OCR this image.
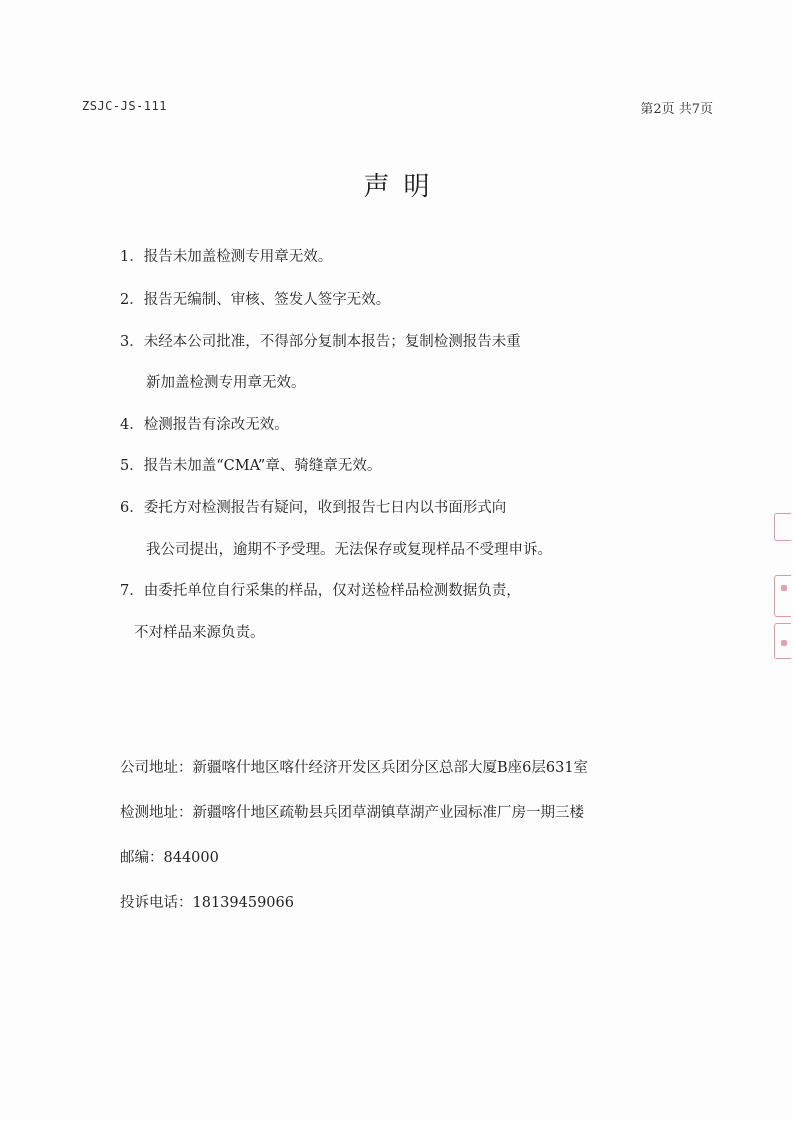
ZSJC-JS-111	第2页 共7页
声明
1．报告未加盖检测专用章无效。
2．报告无编制、审核、签发人签字无效。
3．未经本公司批准，不得部分复制本报告；复制检测报告未重
新加盖检测专用章无效。
4．检测报告有涂改无效。
5．报告未加盖“CMA”章、骑缝章无效。
6．委托方对检测报告有疑问，收到报告七日内以书面形式向
我公司提出，逾期不予受理。无法保存或复现样品不受理申诉。
7．由委托单位自行采集的样品，仅对送检样品检测数据负责，
不对样品来源负责。
公司地址：新疆喀什地区喀什经济开发区兵团分区总部大厦B座6层631室
检测地址：新疆喀什地区疏勒县兵团草湖镇草湖产业园标准厂房一期三楼
邮编：844000
投诉电话：18139459066
